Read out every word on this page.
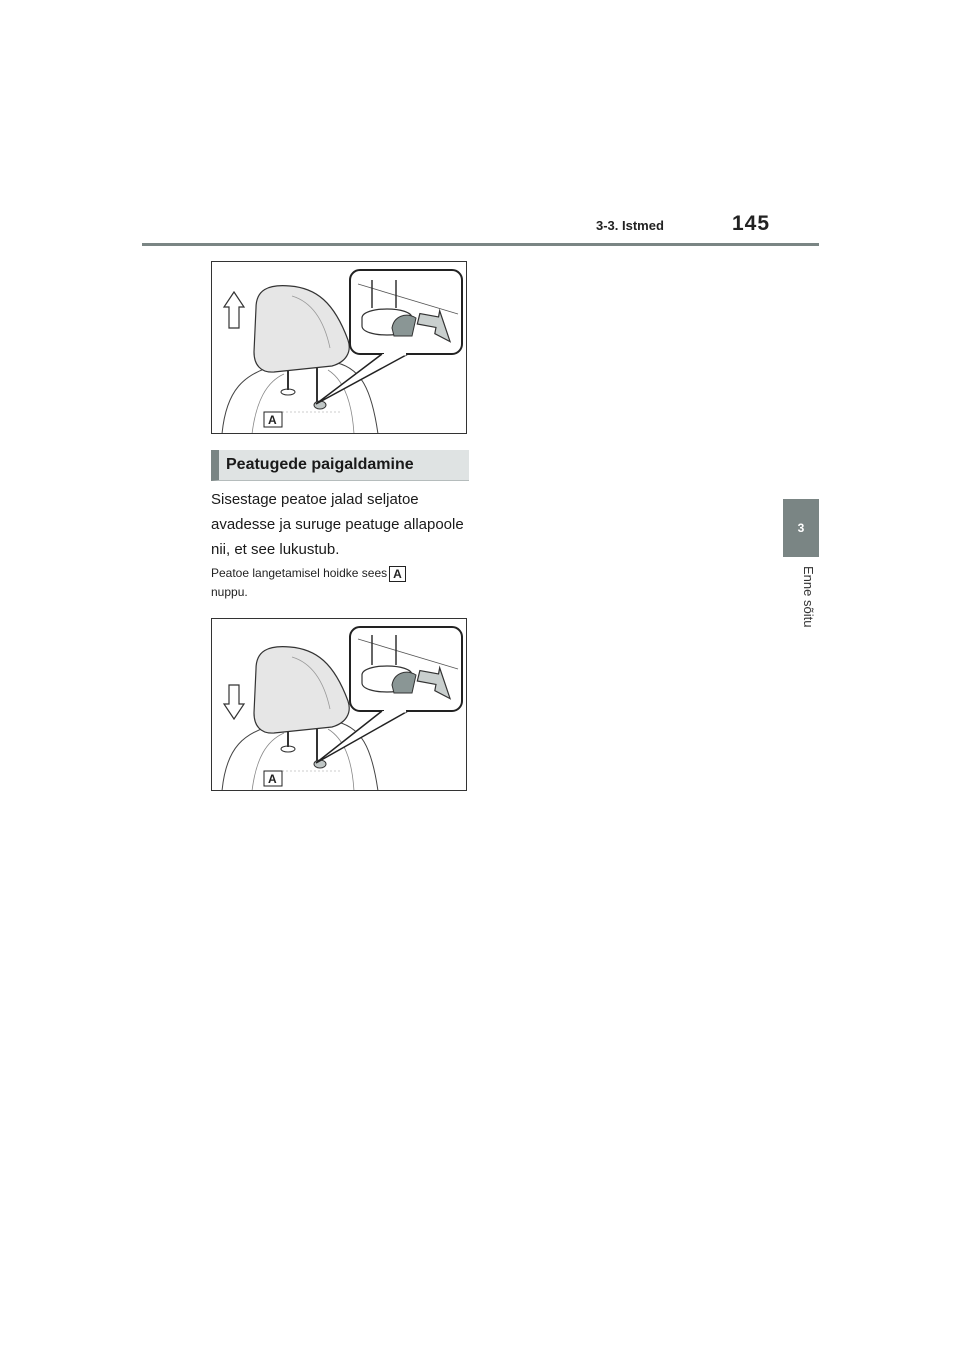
3-3. Istmed	145
3
Enne sõitu
A
Peatugede paigaldamine
Sisestage peatoe jalad seljatoe avadesse ja suruge peatuge allapoole nii, et see lukustub.
Peatoe langetamisel hoidke sees A
nuppu.
A
